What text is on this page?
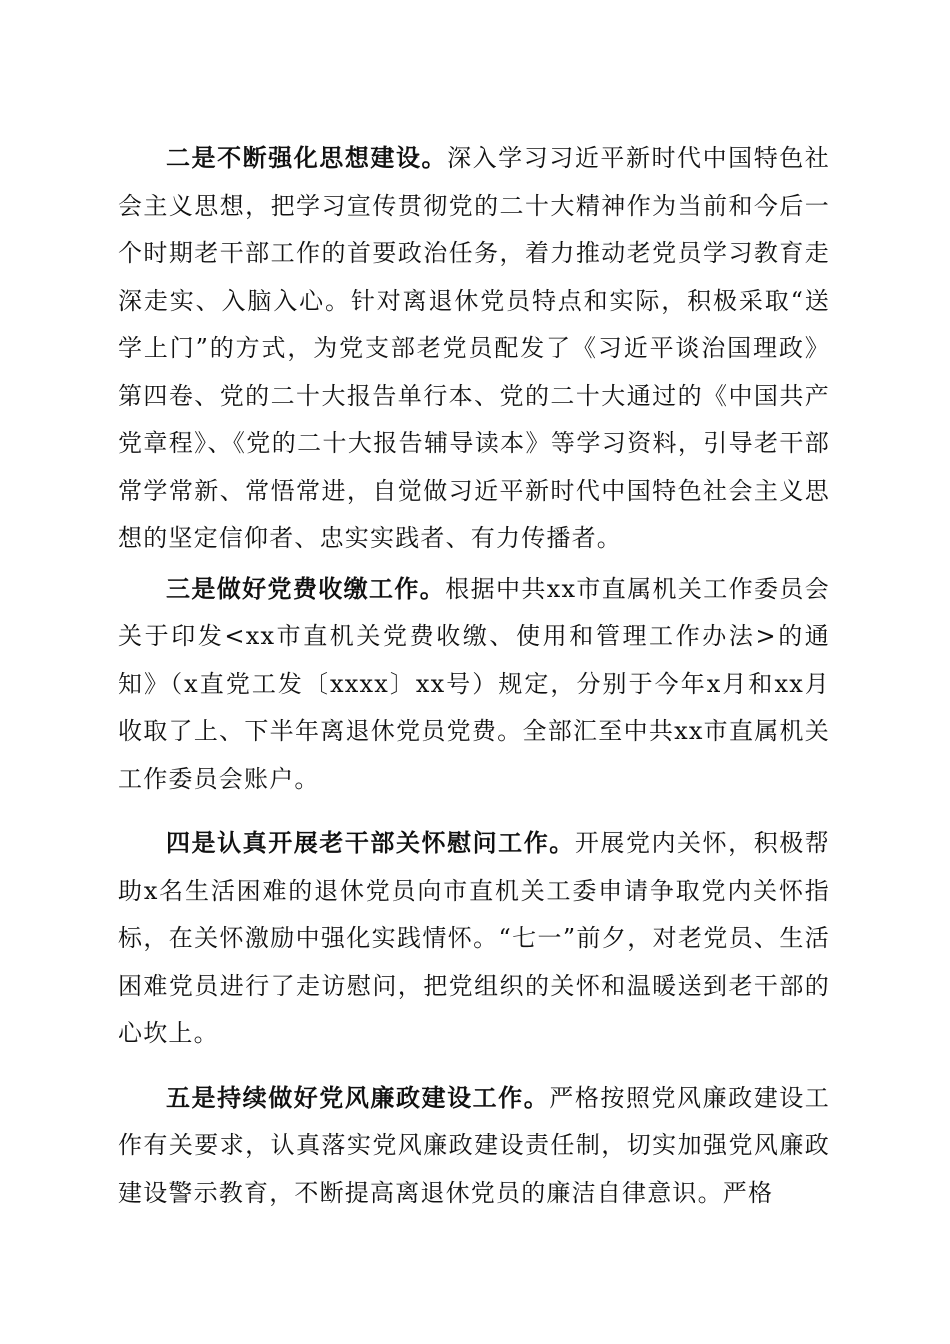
二是不断强化思想建设。深入学习习近平新时代中国特色社会主义思想，把学习宣传贯彻党的二十大精神作为当前和今后一个时期老干部工作的首要政治任务，着力推动老党员学习教育走深走实、入脑入心。针对离退休党员特点和实际，积极采取“送学上门”的方式，为党支部老党员配发了《习近平谈治国理政》第四卷、党的二十大报告单行本、党的二十大通过的《中国共产党章程》、《党的二十大报告辅导读本》等学习资料，引导老干部常学常新、常悟常进，自觉做习近平新时代中国特色社会主义思想的坚定信仰者、忠实实践者、有力传播者。

三是做好党费收缴工作。根据中共xx市直属机关工作委员会关于印发<xx市直机关党费收缴、使用和管理工作办法>的通知》（x直党工发〔xxxx〕xx号）规定，分别于今年x月和xx月收取了上、下半年离退休党员党费。全部汇至中共xx市直属机关工作委员会账户。

四是认真开展老干部关怀慰问工作。开展党内关怀，积极帮助x名生活困难的退休党员向市直机关工委申请争取党内关怀指标，在关怀激励中强化实践情怀。“七一”前夕，对老党员、生活困难党员进行了走访慰问，把党组织的关怀和温暖送到老干部的心坎上。

五是持续做好党风廉政建设工作。严格按照党风廉政建设工作有关要求，认真落实党风廉政建设责任制，切实加强党风廉政建设警示教育，不断提高离退休党员的廉洁自律意识。严格
